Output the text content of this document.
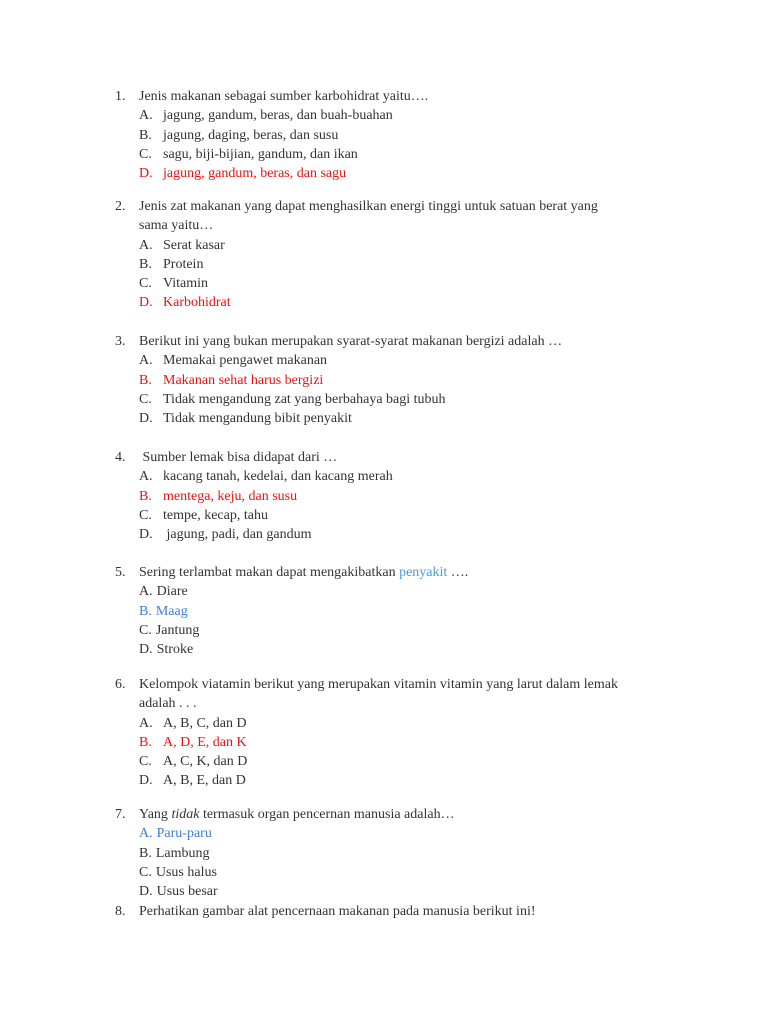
1. Jenis makanan sebagai sumber karbohidrat yaitu….
A. jagung, gandum, beras, dan buah-buahan
B. jagung, daging, beras, dan susu
C. sagu, biji-bijian, gandum, dan ikan
D. jagung, gandum, beras, dan sagu
2. Jenis zat makanan yang dapat menghasilkan energi tinggi untuk satuan berat yang
sama yaitu…
A. Serat kasar
B. Protein
C. Vitamin
D. Karbohidrat
3. Berikut ini yang bukan merupakan syarat-syarat makanan bergizi adalah …
A. Memakai pengawet makanan
B. Makanan sehat harus bergizi
C. Tidak mengandung zat yang berbahaya bagi tubuh
D. Tidak mengandung bibit penyakit
4. Sumber lemak bisa didapat dari …
A. kacang tanah, kedelai, dan kacang merah
B. mentega, keju, dan susu
C. tempe, kecap, tahu
D. jagung, padi, dan gandum
5. Sering terlambat makan dapat mengakibatkan penyakit ….
A. Diare
B. Maag
C. Jantung
D. Stroke
6. Kelompok viatamin berikut yang merupakan vitamin vitamin yang larut dalam lemak
adalah . . .
A. A, B, C, dan D
B. A, D, E, dan K
C. A, C, K, dan D
D. A, B, E, dan D
7. Yang tidak termasuk organ pencernan manusia adalah…
A. Paru-paru
B. Lambung
C. Usus halus
D. Usus besar
8. Perhatikan gambar alat pencernaan makanan pada manusia berikut ini!
